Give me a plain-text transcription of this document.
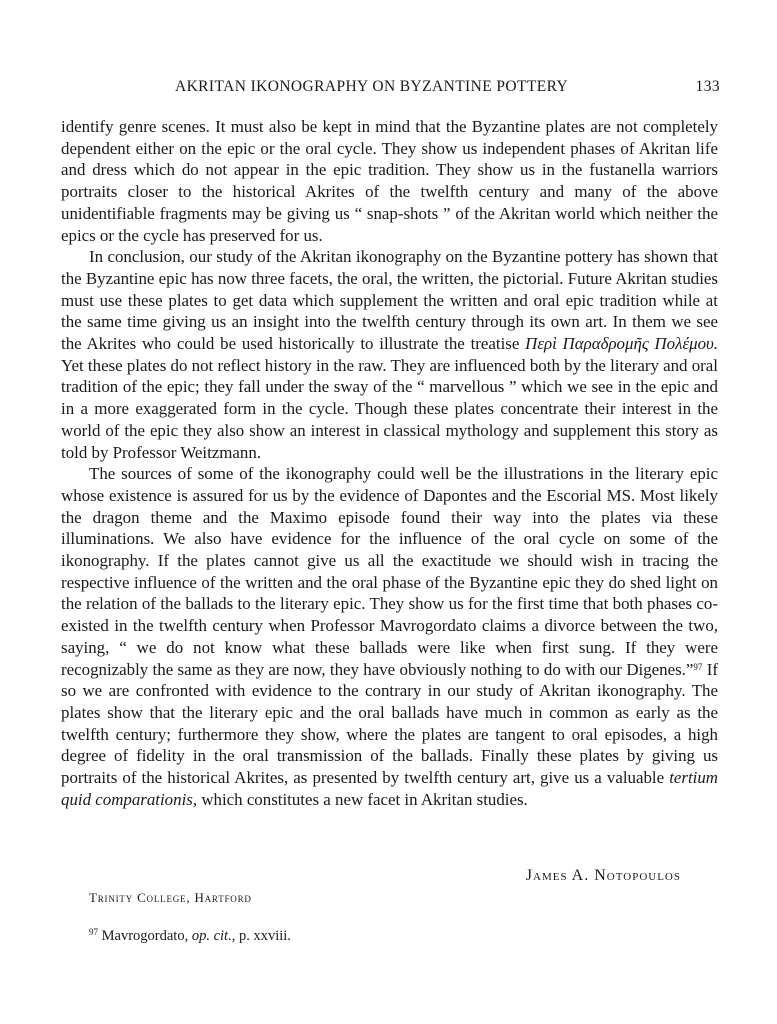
AKRITAN IKONOGRAPHY ON BYZANTINE POTTERY	133

identify genre scenes. It must also be kept in mind that the Byzantine plates are not completely dependent either on the epic or the oral cycle. They show us independent phases of Akritan life and dress which do not appear in the epic tradition. They show us in the fustanella warriors portraits closer to the historical Akrites of the twelfth century and many of the above unidentifiable fragments may be giving us “ snap-shots ” of the Akritan world which neither the epics or the cycle has preserved for us.

In conclusion, our study of the Akritan ikonography on the Byzantine pottery has shown that the Byzantine epic has now three facets, the oral, the written, the pictorial. Future Akritan studies must use these plates to get data which supplement the written and oral epic tradition while at the same time giving us an insight into the twelfth century through its own art. In them we see the Akrites who could be used historically to illustrate the treatise Περὶ Παραδρομῆς Πολέμου. Yet these plates do not reflect history in the raw. They are influenced both by the literary and oral tradition of the epic; they fall under the sway of the “ marvellous ” which we see in the epic and in a more exaggerated form in the cycle. Though these plates concentrate their interest in the world of the epic they also show an interest in classical mythology and supplement this story as told by Professor Weitzmann.

The sources of some of the ikonography could well be the illustrations in the literary epic whose existence is assured for us by the evidence of Dapontes and the Escorial MS. Most likely the dragon theme and the Maximo episode found their way into the plates via these illuminations. We also have evidence for the influence of the oral cycle on some of the ikonography. If the plates cannot give us all the exactitude we should wish in tracing the respective influence of the written and the oral phase of the Byzantine epic they do shed light on the relation of the ballads to the literary epic. They show us for the first time that both phases co-existed in the twelfth century when Professor Mavrogordato claims a divorce between the two, saying, “ we do not know what these ballads were like when first sung. If they were recognizably the same as they are now, they have obviously nothing to do with our Digenes.”$^{97}$ If so we are confronted with evidence to the contrary in our study of Akritan ikonography. The plates show that the literary epic and the oral ballads have much in common as early as the twelfth century; furthermore they show, where the plates are tangent to oral episodes, a high degree of fidelity in the oral transmission of the ballads. Finally these plates by giving us portraits of the historical Akrites, as presented by twelfth century art, give us a valuable tertium quid comparationis, which constitutes a new facet in Akritan studies.

James A. Notopoulos
Trinity College, Hartford
$^{97}$ Mavrogordato, op. cit., p. xxviii.
